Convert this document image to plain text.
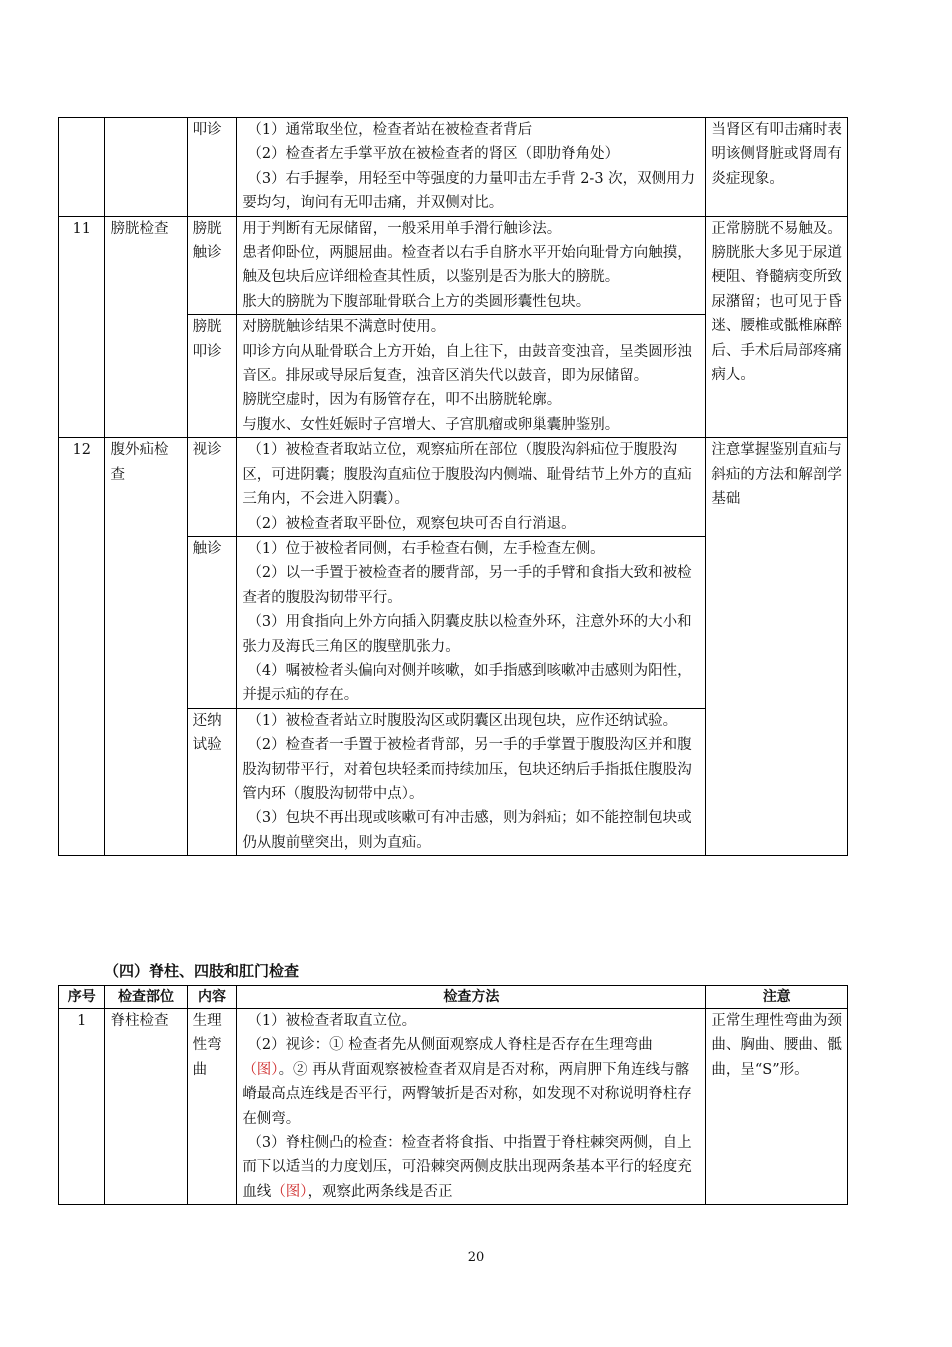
		叩诊	（1）通常取坐位，检查者站在被检查者背后
（2）检查者左手掌平放在被检查者的肾区（即肋脊角处）
（3）右手握拳，用轻至中等强度的力量叩击左手背 2-3 次，双侧用力要均匀，询问有无叩击痛，并双侧对比。	当肾区有叩击痛时表明该侧肾脏或肾周有炎症现象。
11	膀胱检查	膀胱触诊	用于判断有无尿储留，一般采用单手滑行触诊法。
患者仰卧位，两腿屈曲。检查者以右手自脐水平开始向耻骨方向触摸，触及包块后应详细检查其性质，以鉴别是否为胀大的膀胱。
胀大的膀胱为下腹部耻骨联合上方的类圆形囊性包块。	正常膀胱不易触及。膀胱胀大多见于尿道梗阻、脊髓病变所致尿潴留；也可见于昏迷、腰椎或骶椎麻醉后、手术后局部疼痛病人。
		膀胱叩诊	对膀胱触诊结果不满意时使用。
叩诊方向从耻骨联合上方开始，自上往下，由鼓音变浊音，呈类圆形浊音区。排尿或导尿后复查，浊音区消失代以鼓音，即为尿储留。
膀胱空虚时，因为有肠管存在，叩不出膀胱轮廓。
与腹水、女性妊娠时子宫增大、子宫肌瘤或卵巢囊肿鉴别。	

12	腹外疝检查	视诊	（1）被检查者取站立位，观察疝所在部位（腹股沟斜疝位于腹股沟区，可进阴囊；腹股沟直疝位于腹股沟内侧端、耻骨结节上外方的直疝三角内，不会进入阴囊）。
（2）被检查者取平卧位，观察包块可否自行消退。	注意掌握鉴别直疝与斜疝的方法和解剖学基础
		触诊	（1）位于被检者同侧，右手检查右侧，左手检查左侧。
（2）以一手置于被检查者的腰背部，另一手的手臂和食指大致和被检查者的腹股沟韧带平行。
（3）用食指向上外方向插入阴囊皮肤以检查外环，注意外环的大小和张力及海氏三角区的腹壁肌张力。
（4）嘱被检者头偏向对侧并咳嗽，如手指感到咳嗽冲击感则为阳性，并提示疝的存在。	

		还纳试验	（1）被检查者站立时腹股沟区或阴囊区出现包块，应作还纳试验。
（2）检查者一手置于被检者背部，另一手的手掌置于腹股沟区并和腹股沟韧带平行，对着包块轻柔而持续加压，包块还纳后手指抵住腹股沟管内环（腹股沟韧带中点）。
（3）包块不再出现或咳嗽可有冲击感，则为斜疝；如不能控制包块或仍从腹前壁突出，则为直疝。	
（四）脊柱、四肢和肛门检查
序号	检查部位	内容	检查方法	注意
1	脊柱检查	生理性弯曲	（1）被检查者取直立位。
（2）视诊：① 检查者先从侧面观察成人脊柱是否存在生理弯曲（图）。② 再从背面观察被检查者双肩是否对称，两肩胛下角连线与髂嵴最高点连线是否平行，两臀皱折是否对称，如发现不对称说明脊柱存在侧弯。
（3）脊柱侧凸的检查：检查者将食指、中指置于脊柱棘突两侧，自上而下以适当的力度划压，可沿棘突两侧皮肤出现两条基本平行的轻度充血线（图），观察此两条线是否正	正常生理性弯曲为颈曲、胸曲、腰曲、骶曲，呈“S”形。
20
